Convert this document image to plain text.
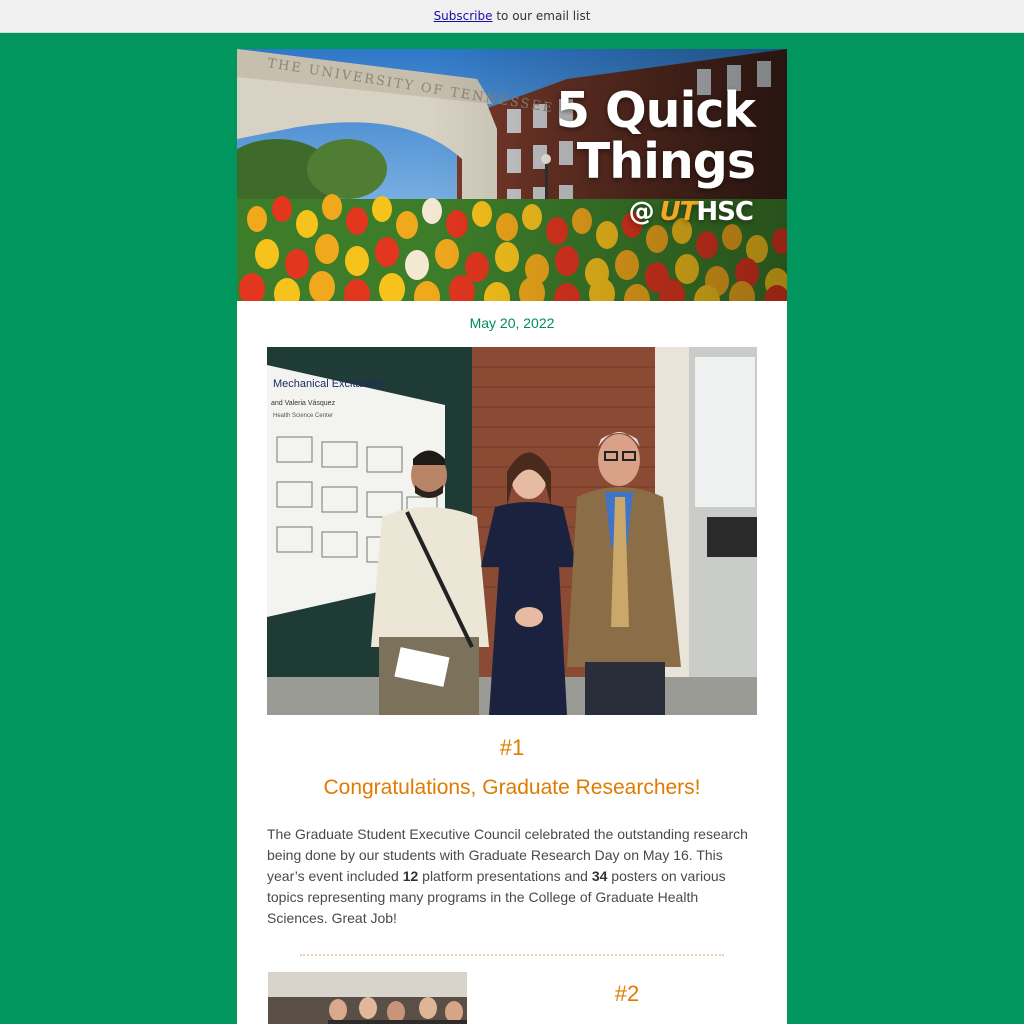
Subscribe to our email list
5 Quick
Things
@ UTHSC
May 20, 2022
Mechanical Excitability
and Valeria Vásquez
Health Science Center
#1
Congratulations, Graduate Researchers!
The Graduate Student Executive Council celebrated the outstanding research being done by our students with Graduate Research Day on May 16. This year’s event included 12 platform presentations and 34 posters on various topics representing many programs in the College of Graduate Health Sciences. Great Job!
#2
